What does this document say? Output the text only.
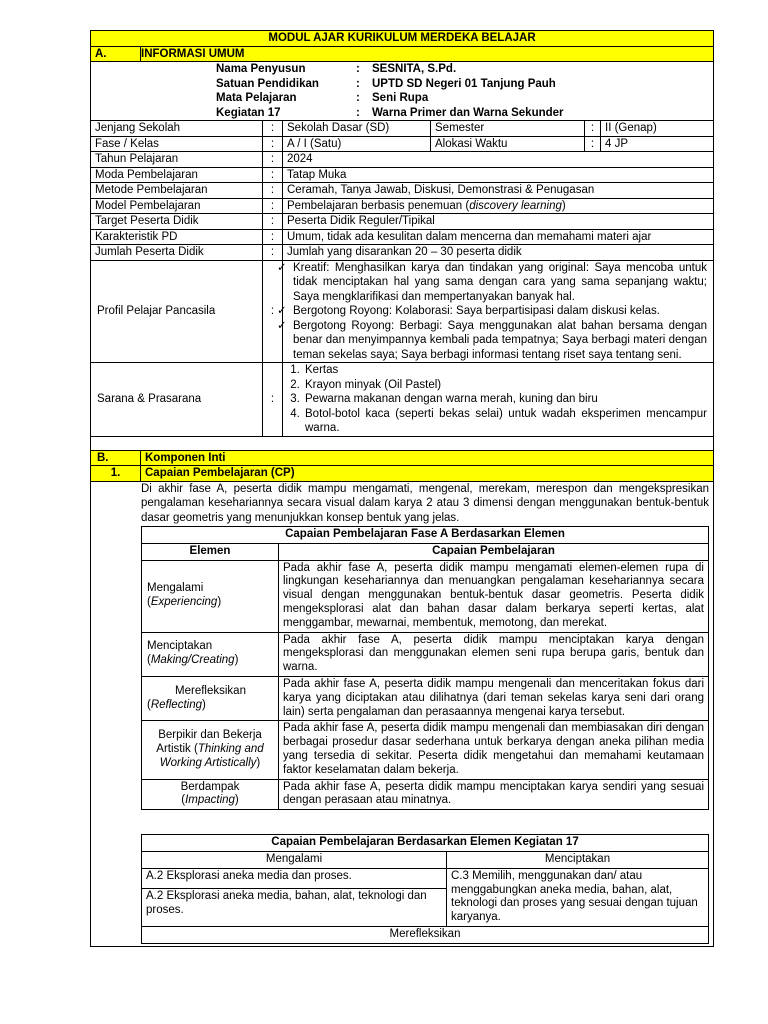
MODUL AJAR KURIKULUM MERDEKA BELAJAR
A.	INFORMASI UMUM

	Nama Penyusun	:	SESNITA, S.Pd.
	Satuan Pendidikan	:	UPTD SD Negeri 01 Tanjung Pauh
	Mata Pelajaran	:	Seni Rupa
	Kegiatan 17	:	Warna Primer dan Warna Sekunder

Jenjang Sekolah	:	Sekolah Dasar (SD)	Semester	:	II (Genap)
Fase / Kelas	:	A / I (Satu)	Alokasi Waktu	:	4 JP
Tahun Pelajaran	:	2024
Moda Pembelajaran	:	Tatap Muka
Metode Pembelajaran	:	Ceramah, Tanya Jawab, Diskusi, Demonstrasi & Penugasan
Model Pembelajaran	:	Pembelajaran berbasis penemuan (discovery learning)
Target Peserta Didik	:	Peserta Didik Reguler/Tipikal
Karakteristik PD	:	Umum, tidak ada kesulitan dalam mencerna dan memahami materi ajar
Jumlah Peserta Didik	:	Jumlah yang disarankan 20 – 30 peserta didik
Profil Pelajar Pancasila	:	
✓ Kreatif: Menghasilkan karya dan tindakan yang original: Saya mencoba untuk tidak menciptakan hal yang sama dengan cara yang sama sepanjang waktu; Saya mengklarifikasi dan mempertanyakan banyak hal.
✓ Bergotong Royong: Kolaborasi: Saya berpartisipasi dalam diskusi kelas.
✓ Bergotong Royong: Berbagi: Saya menggunakan alat bahan bersama dengan benar dan menyimpannya kembali pada tempatnya; Saya berbagi materi dengan teman sekelas saya; Saya berbagi informasi tentang riset saya tentang seni.

Sarana & Prasarana	:	
1. Kertas
2. Krayon minyak (Oil Pastel)
3. Pewarna makanan dengan warna merah, kuning dan biru
4. Botol-botol kaca (seperti bekas selai) untuk wadah eksperimen mencampur warna.

B.	Komponen Inti
1.	Capaian Pembelajaran (CP)

Di akhir fase A, peserta didik mampu mengamati, mengenal, merekam, merespon dan mengekspresikan pengalaman kesehariannya secara visual dalam karya 2 atau 3 dimensi dengan menggunakan bentuk-bentuk dasar geometris yang menunjukkan konsep bentuk yang jelas.
Capaian Pembelajaran Fase A Berdasarkan Elemen
Elemen	Capaian Pembelajaran

Mengalami
(Experiencing)
	Pada akhir fase A, peserta didik mampu mengamati elemen-elemen rupa di lingkungan kesehariannya dan menuangkan pengalaman kesehariannya secara visual dengan menggunakan bentuk-bentuk dasar geometris. Peserta didik mengeksplorasi alat dan bahan dasar dalam berkarya seperti kertas, alat menggambar, mewarnai, membentuk, memotong, dan merekat.

Menciptakan
(Making/Creating)
	Pada akhir fase A, peserta didik mampu menciptakan karya dengan mengeksplorasi dan menggunakan elemen seni rupa berupa garis, bentuk dan warna.

Merefleksikan
(Reflecting)
	Pada akhir fase A, peserta didik mampu mengenali dan menceritakan fokus dari karya yang diciptakan atau dilihatnya (dari teman sekelas karya seni dari orang lain) serta pengalaman dan perasaannya mengenai karya tersebut.
Berpikir dan Bekerja Artistik (Thinking and Working Artistically)	Pada akhir fase A, peserta didik mampu mengenali dan membiasakan diri dengan berbagai prosedur dasar sederhana untuk berkarya dengan aneka pilihan media yang tersedia di sekitar. Peserta didik mengetahui dan memahami keutamaan faktor keselamatan dalam bekerja.

Berdampak
(Impacting)
	Pada akhir fase A, peserta didik mampu menciptakan karya sendiri yang sesuai dengan perasaan atau minatnya.
Capaian Pembelajaran Berdasarkan Elemen Kegiatan 17
Mengalami	Menciptakan
A.2 Eksplorasi aneka media dan proses.	C.3 Memilih, menggunakan dan/ atau menggabungkan aneka media, bahan, alat, teknologi dan proses yang sesuai dengan tujuan karyanya.
A.2 Eksplorasi aneka media, bahan, alat, teknologi dan proses.
Merefleksikan
